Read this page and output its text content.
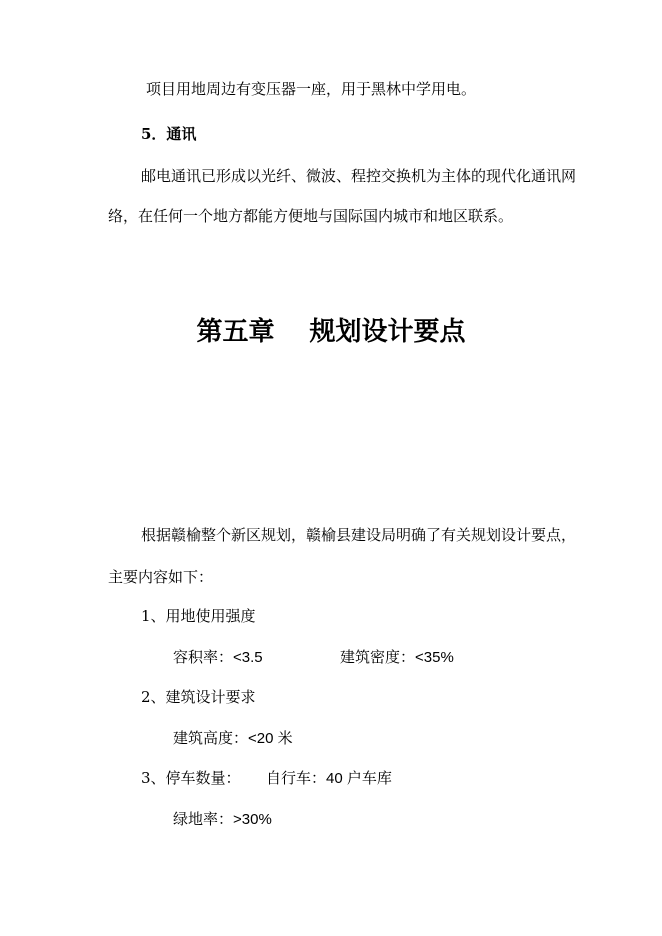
项目用地周边有变压器一座，用于黑林中学用电。
5．通讯
邮电通讯已形成以光纤、微波、程控交换机为主体的现代化通讯网
络，在任何一个地方都能方便地与国际国内城市和地区联系。
第五章　 规划设计要点
根据赣榆整个新区规划，赣榆县建设局明确了有关规划设计要点，
主要内容如下：
1、用地使用强度
容积率：<3.5	建筑密度：<35%
2、建筑设计要求
建筑高度：<20 米
3、停车数量： 自行车：40 户车库
绿地率：>30%
